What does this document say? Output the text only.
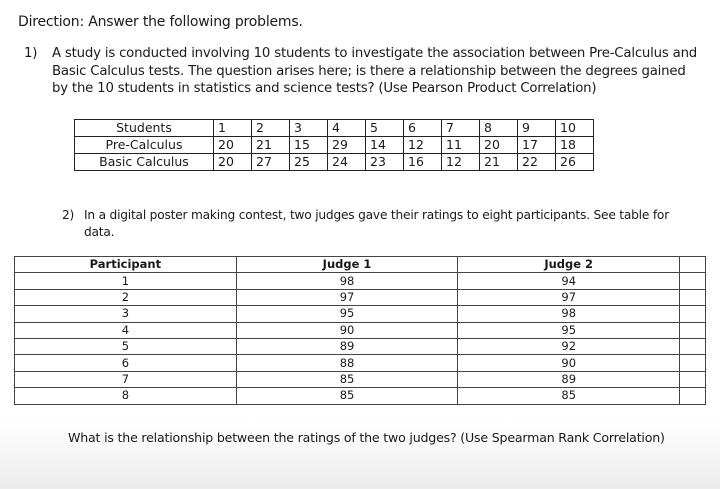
Direction: Answer the following problems.
1) A study is conducted involving 10 students to investigate the association between Pre-Calculus and Basic Calculus tests. The question arises here; is there a relationship between the degrees gained by the 10 students in statistics and science tests? (Use Pearson Product Correlation)
Students	1	2	3	4	5	6	7	8	9	10
Pre-Calculus	20	21	15	29	14	12	11	20	17	18
Basic Calculus	20	27	25	24	23	16	12	21	22	26
2) In a digital poster making contest, two judges gave their ratings to eight participants. See table for data.
Participant	Judge 1	Judge 2	
1	98	94	
2	97	97	
3	95	98	
4	90	95	
5	89	92	
6	88	90	
7	85	89	
8	85	85	
What is the relationship between the ratings of the two judges? (Use Spearman Rank Correlation)
